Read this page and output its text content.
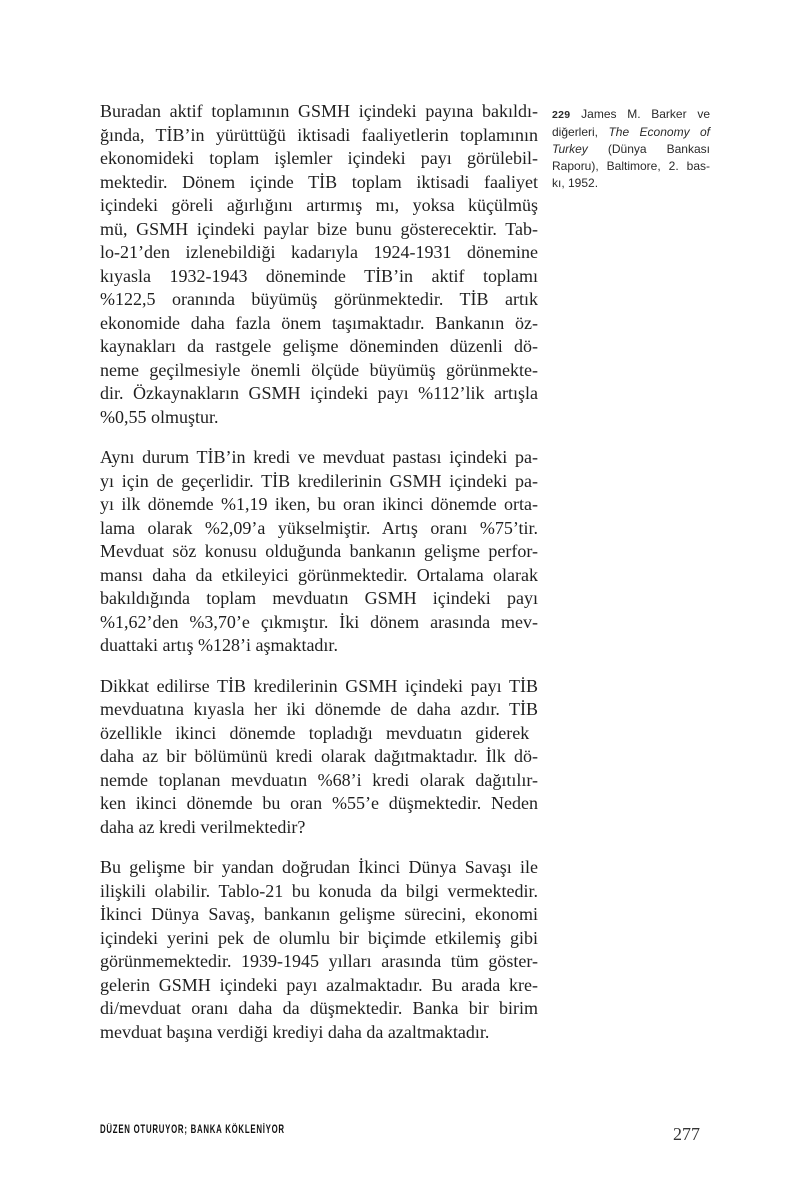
Buradan aktif toplamının GSMH içindeki payına bakıldı-
ğında, TİB’in yürüttüğü iktisadi faaliyetlerin toplamının
ekonomideki toplam işlemler içindeki payı görülebil-
mektedir. Dönem içinde TİB toplam iktisadi faaliyet
içindeki göreli ağırlığını artırmış mı, yoksa küçülmüş
mü, GSMH içindeki paylar bize bunu gösterecektir. Tab-
lo-21’den izlenebildiği kadarıyla 1924-1931 dönemine
kıyasla 1932-1943 döneminde TİB’in aktif toplamı
%122,5 oranında büyümüş görünmektedir. TİB artık
ekonomide daha fazla önem taşımaktadır. Bankanın öz-
kaynakları da rastgele gelişme döneminden düzenli dö-
neme geçilmesiyle önemli ölçüde büyümüş görünmekte-
dir. Özkaynakların GSMH içindeki payı %112’lik artışla
%0,55 olmuştur.
Aynı durum TİB’in kredi ve mevduat pastası içindeki pa-
yı için de geçerlidir. TİB kredilerinin GSMH içindeki pa-
yı ilk dönemde %1,19 iken, bu oran ikinci dönemde orta-
lama olarak %2,09’a yükselmiştir. Artış oranı %75’tir.
Mevduat söz konusu olduğunda bankanın gelişme perfor-
mansı daha da etkileyici görünmektedir. Ortalama olarak
bakıldığında toplam mevduatın GSMH içindeki payı
%1,62’den %3,70’e çıkmıştır. İki dönem arasında mev-
duattaki artış %128’i aşmaktadır.
Dikkat edilirse TİB kredilerinin GSMH içindeki payı TİB
mevduatına kıyasla her iki dönemde de daha azdır. TİB
özellikle ikinci dönemde topladığı mevduatın giderek
daha az bir bölümünü kredi olarak dağıtmaktadır. İlk dö-
nemde toplanan mevduatın %68’i kredi olarak dağıtılır-
ken ikinci dönemde bu oran %55’e düşmektedir. Neden
daha az kredi verilmektedir?
Bu gelişme bir yandan doğrudan İkinci Dünya Savaşı ile
ilişkili olabilir. Tablo-21 bu konuda da bilgi vermektedir.
İkinci Dünya Savaş, bankanın gelişme sürecini, ekonomi
içindeki yerini pek de olumlu bir biçimde etkilemiş gibi
görünmemektedir. 1939-1945 yılları arasında tüm göster-
gelerin GSMH içindeki payı azalmaktadır. Bu arada kre-
di/mevduat oranı daha da düşmektedir. Banka bir birim
mevduat başına verdiği krediyi daha da azaltmaktadır.
229 James M. Barker ve
diğerleri, The Economy of
Turkey (Dünya Bankası
Raporu), Baltimore, 2. bas-
kı, 1952.
DÜZEN OTURUYOR; BANKA KÖKLENİYOR	277
